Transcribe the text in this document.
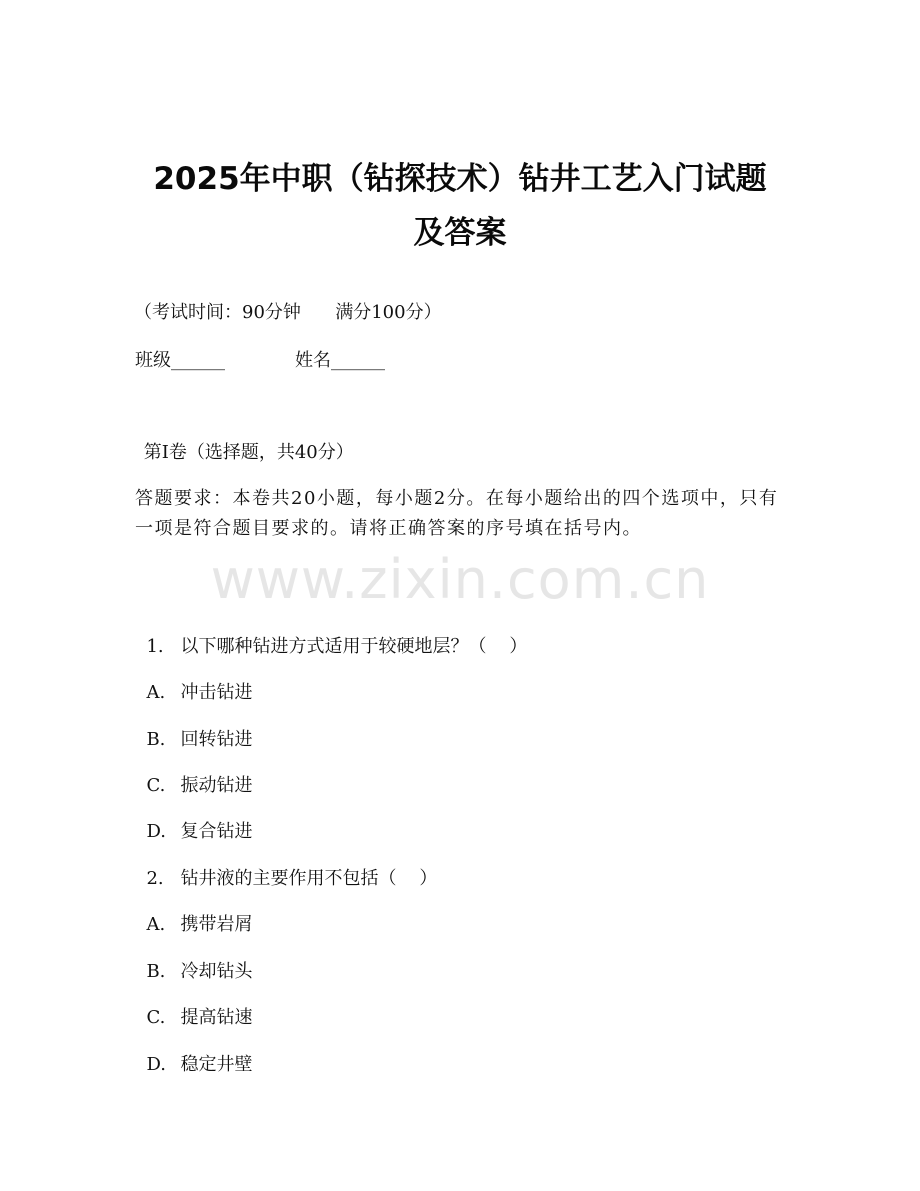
www.zixin.com.cn
2025年中职（钻探技术）钻井工艺入门试题
及答案
（考试时间：90分钟      满分100分）
班级______	姓名______
第I卷（选择题，共40分）
答题要求：本卷共20小题，每小题2分。在每小题给出的四个选项中，只有一项是符合题目要求的。请将正确答案的序号填在括号内。

1. 以下哪种钻进方式适用于较硬地层？（    ）

A. 冲击钻进

B. 回转钻进

C. 振动钻进

D. 复合钻进

2. 钻井液的主要作用不包括（    ）

A. 携带岩屑

B. 冷却钻头

C. 提高钻速

D. 稳定井壁
